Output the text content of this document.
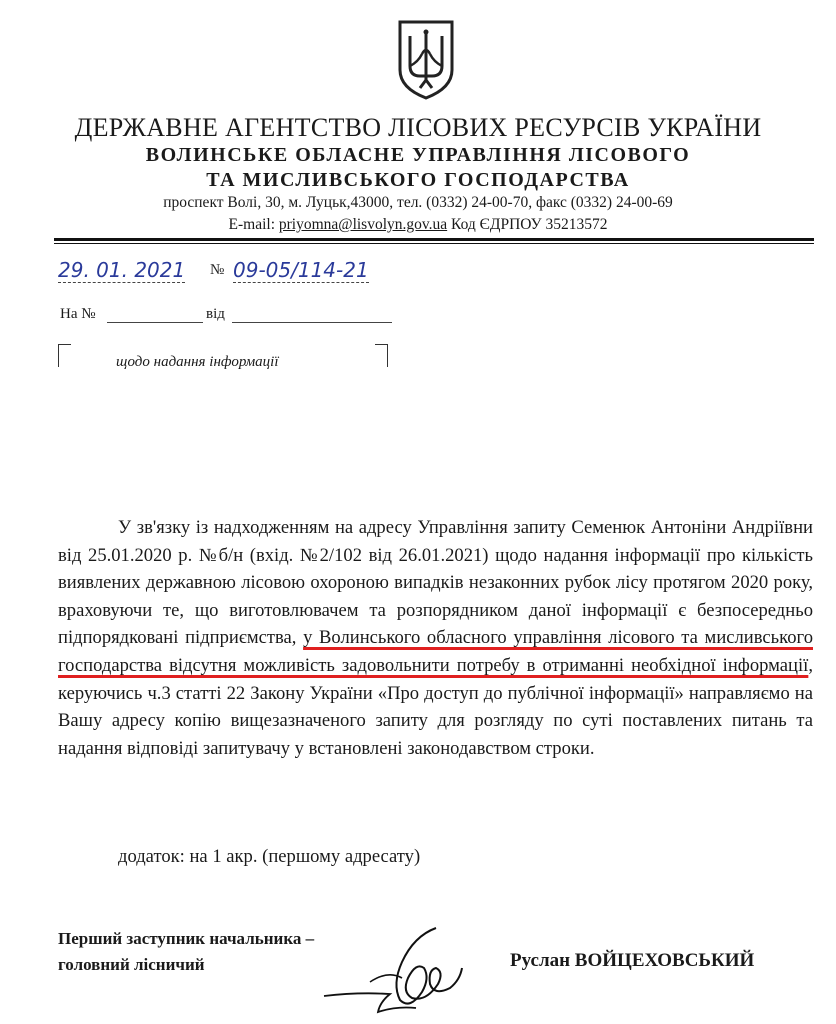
ДЕРЖАВНЕ АГЕНТСТВО ЛІСОВИХ РЕСУРСІВ УКРАЇНИ
ВОЛИНСЬКЕ ОБЛАСНЕ УПРАВЛІННЯ ЛІСОВОГО
ТА МИСЛИВСЬКОГО ГОСПОДАРСТВА
проспект Волі, 30, м. Луцьк,43000, тел. (0332) 24-00-70, факс (0332) 24-00-69
E-mail: priyomna@lisvolyn.gov.ua Код ЄДРПОУ 35213572
29. 01. 2021 № 09-05/114-21
На №	від
щодо надання інформації

У зв'язку із надходженням на адресу Управління запиту Семенюк Антоніни Андріївни від 25.01.2020 р. №б/н (вхід. №2/102 від 26.01.2021) щодо надання інформації про кількість виявлених державною лісовою охороною випадків незаконних рубок лісу протягом 2020 року, враховуючи те, що виготовлювачем та розпорядником даної інформації є безпосередньо підпорядковані підприємства, у Волинського обласного управління лісового та мисливського господарства відсутня можливість задовольнити потребу в отриманні необхідної інформації, керуючись ч.3 статті 22 Закону України «Про доступ до публічної інформації» направляємо на Вашу адресу копію вищезазначеного запиту для розгляду по суті поставлених питань та надання відповіді запитувачу у встановлені законодавством строки.

додаток: на 1 акр. (першому адресату)
Перший заступник начальника –
головний лісничий	Руслан ВОЙЦЕХОВСЬКИЙ
